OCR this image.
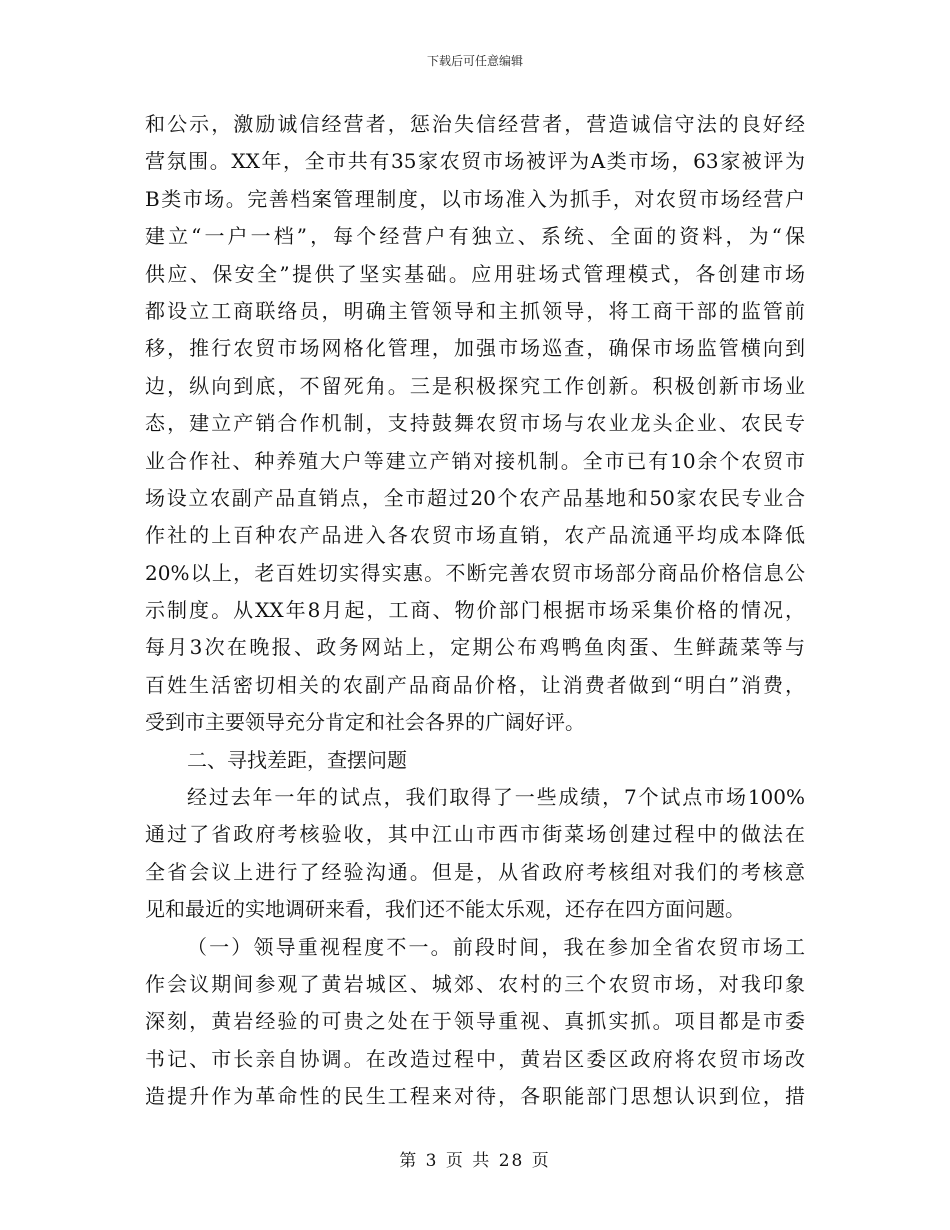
下载后可任意编辑
和公示，激励诚信经营者，惩治失信经营者，营造诚信守法的良好经
营氛围。XX年，全市共有35家农贸市场被评为A类市场，63家被评为
B类市场。完善档案管理制度，以市场准入为抓手，对农贸市场经营户
建立“一户一档”，每个经营户有独立、系统、全面的资料，为“保
供应、保安全”提供了坚实基础。应用驻场式管理模式，各创建市场
都设立工商联络员，明确主管领导和主抓领导，将工商干部的监管前
移，推行农贸市场网格化管理，加强市场巡查，确保市场监管横向到
边，纵向到底，不留死角。三是积极探究工作创新。积极创新市场业
态，建立产销合作机制，支持鼓舞农贸市场与农业龙头企业、农民专
业合作社、种养殖大户等建立产销对接机制。全市已有10余个农贸市
场设立农副产品直销点，全市超过20个农产品基地和50家农民专业合
作社的上百种农产品进入各农贸市场直销，农产品流通平均成本降低
20%以上，老百姓切实得实惠。不断完善农贸市场部分商品价格信息公
示制度。从XX年8月起，工商、物价部门根据市场采集价格的情况，
每月3次在晚报、政务网站上，定期公布鸡鸭鱼肉蛋、生鲜蔬菜等与
百姓生活密切相关的农副产品商品价格，让消费者做到“明白”消费，
受到市主要领导充分肯定和社会各界的广阔好评。
二、寻找差距，查摆问题
经过去年一年的试点，我们取得了一些成绩，7个试点市场100%
通过了省政府考核验收，其中江山市西市街菜场创建过程中的做法在
全省会议上进行了经验沟通。但是，从省政府考核组对我们的考核意
见和最近的实地调研来看，我们还不能太乐观，还存在四方面问题。
（一）领导重视程度不一。前段时间，我在参加全省农贸市场工
作会议期间参观了黄岩城区、城郊、农村的三个农贸市场，对我印象
深刻，黄岩经验的可贵之处在于领导重视、真抓实抓。项目都是市委
书记、市长亲自协调。在改造过程中，黄岩区委区政府将农贸市场改
造提升作为革命性的民生工程来对待，各职能部门思想认识到位，措
第 3 页 共 28 页
